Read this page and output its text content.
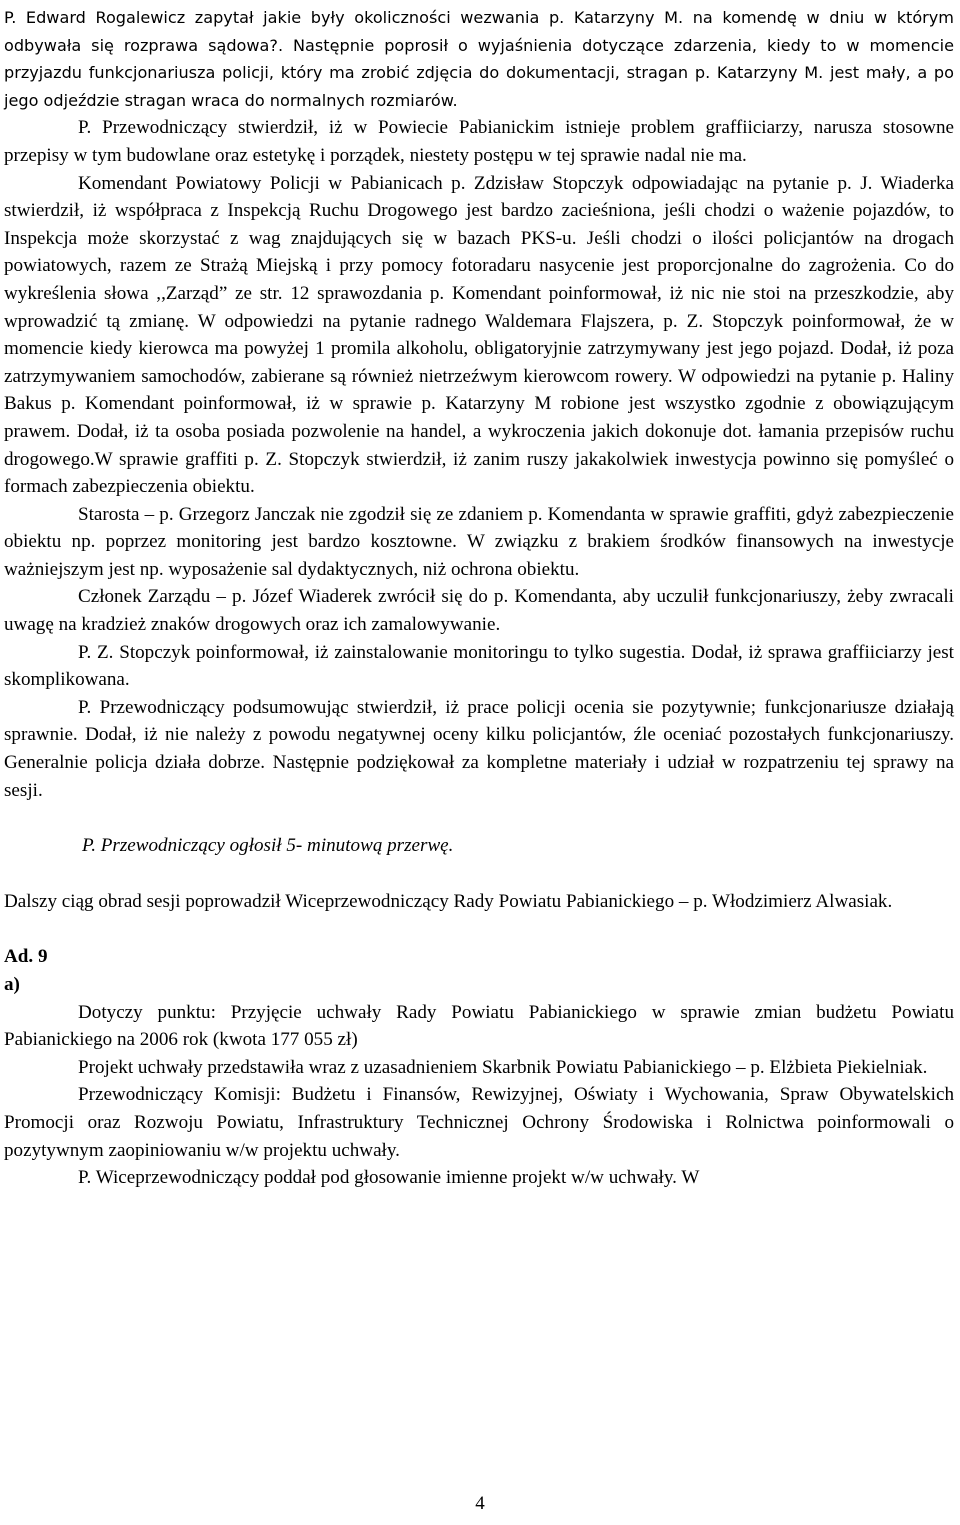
P. Edward Rogalewicz zapytał jakie były okoliczności wezwania p. Katarzyny M. na komendę w dniu w którym odbywała się rozprawa sądowa?. Następnie poprosił o wyjaśnienia dotyczące zdarzenia, kiedy to w momencie przyjazdu funkcjonariusza policji, który ma zrobić zdjęcia do dokumentacji, stragan p. Katarzyny M. jest mały, a po jego odjeździe stragan wraca do normalnych rozmiarów.

P. Przewodniczący stwierdził, iż w Powiecie Pabianickim istnieje problem graffiiciarzy, narusza stosowne przepisy w tym budowlane oraz estetykę i porządek, niestety postępu w tej sprawie nadal nie ma.

Komendant Powiatowy Policji w Pabianicach p. Zdzisław Stopczyk odpowiadając na pytanie p. J. Wiaderka stwierdził, iż współpraca z Inspekcją Ruchu Drogowego jest bardzo zacieśniona, jeśli chodzi o ważenie pojazdów, to Inspekcja może skorzystać z wag znajdujących się w bazach PKS-u. Jeśli chodzi o ilości policjantów na drogach powiatowych, razem ze Strażą Miejską i przy pomocy fotoradaru nasycenie jest proporcjonalne do zagrożenia. Co do wykreślenia słowa ,,Zarząd” ze str. 12 sprawozdania p. Komendant poinformował, iż nic nie stoi na przeszkodzie, aby wprowadzić tą zmianę. W odpowiedzi na pytanie radnego Waldemara Flajszera, p. Z. Stopczyk poinformował, że w momencie kiedy kierowca ma powyżej 1 promila alkoholu, obligatoryjnie zatrzymywany jest jego pojazd. Dodał, iż poza zatrzymywaniem samochodów, zabierane są również nietrzeźwym kierowcom rowery. W odpowiedzi na pytanie p. Haliny Bakus p. Komendant poinformował, iż w sprawie p. Katarzyny M robione jest wszystko zgodnie z obowiązującym prawem. Dodał, iż ta osoba posiada pozwolenie na handel, a wykroczenia jakich dokonuje dot. łamania przepisów ruchu drogowego.W sprawie graffiti p. Z. Stopczyk stwierdził, iż zanim ruszy jakakolwiek inwestycja powinno się pomyśleć o formach zabezpieczenia obiektu.

Starosta – p. Grzegorz Janczak nie zgodził się ze zdaniem p. Komendanta w sprawie graffiti, gdyż zabezpieczenie obiektu np. poprzez monitoring jest bardzo kosztowne. W związku z brakiem środków finansowych na inwestycje ważniejszym jest np. wyposażenie sal dydaktycznych, niż ochrona obiektu.

Członek Zarządu – p. Józef Wiaderek zwrócił się do p. Komendanta, aby uczulił funkcjonariuszy, żeby zwracali uwagę na kradzież znaków drogowych oraz ich zamalowywanie.

P. Z. Stopczyk poinformował, iż zainstalowanie monitoringu to tylko sugestia. Dodał, iż sprawa graffiiciarzy jest skomplikowana.

P. Przewodniczący podsumowując stwierdził, iż prace policji ocenia sie pozytywnie; funkcjonariusze działają sprawnie. Dodał, iż nie należy z powodu negatywnej oceny kilku policjantów, źle oceniać pozostałych funkcjonariuszy. Generalnie policja działa dobrze. Następnie podziękował za kompletne materiały i udział w rozpatrzeniu tej sprawy na sesji.

P. Przewodniczący ogłosił 5- minutową przerwę.

Dalszy ciąg obrad sesji poprowadził Wiceprzewodniczący Rady Powiatu Pabianickiego – p. Włodzimierz Alwasiak.

Ad. 9

a)

Dotyczy punktu: Przyjęcie uchwały Rady Powiatu Pabianickiego w sprawie zmian budżetu Powiatu Pabianickiego na 2006 rok (kwota 177 055 zł)

Projekt uchwały przedstawiła wraz z uzasadnieniem Skarbnik Powiatu Pabianickiego – p. Elżbieta Piekielniak.

Przewodniczący Komisji: Budżetu i Finansów, Rewizyjnej, Oświaty i Wychowania, Spraw Obywatelskich Promocji oraz Rozwoju Powiatu, Infrastruktury Technicznej Ochrony Środowiska i Rolnictwa poinformowali o pozytywnym zaopiniowaniu w/w projektu uchwały.

P. Wiceprzewodniczący poddał pod głosowanie imienne projekt w/w uchwały. W

4
